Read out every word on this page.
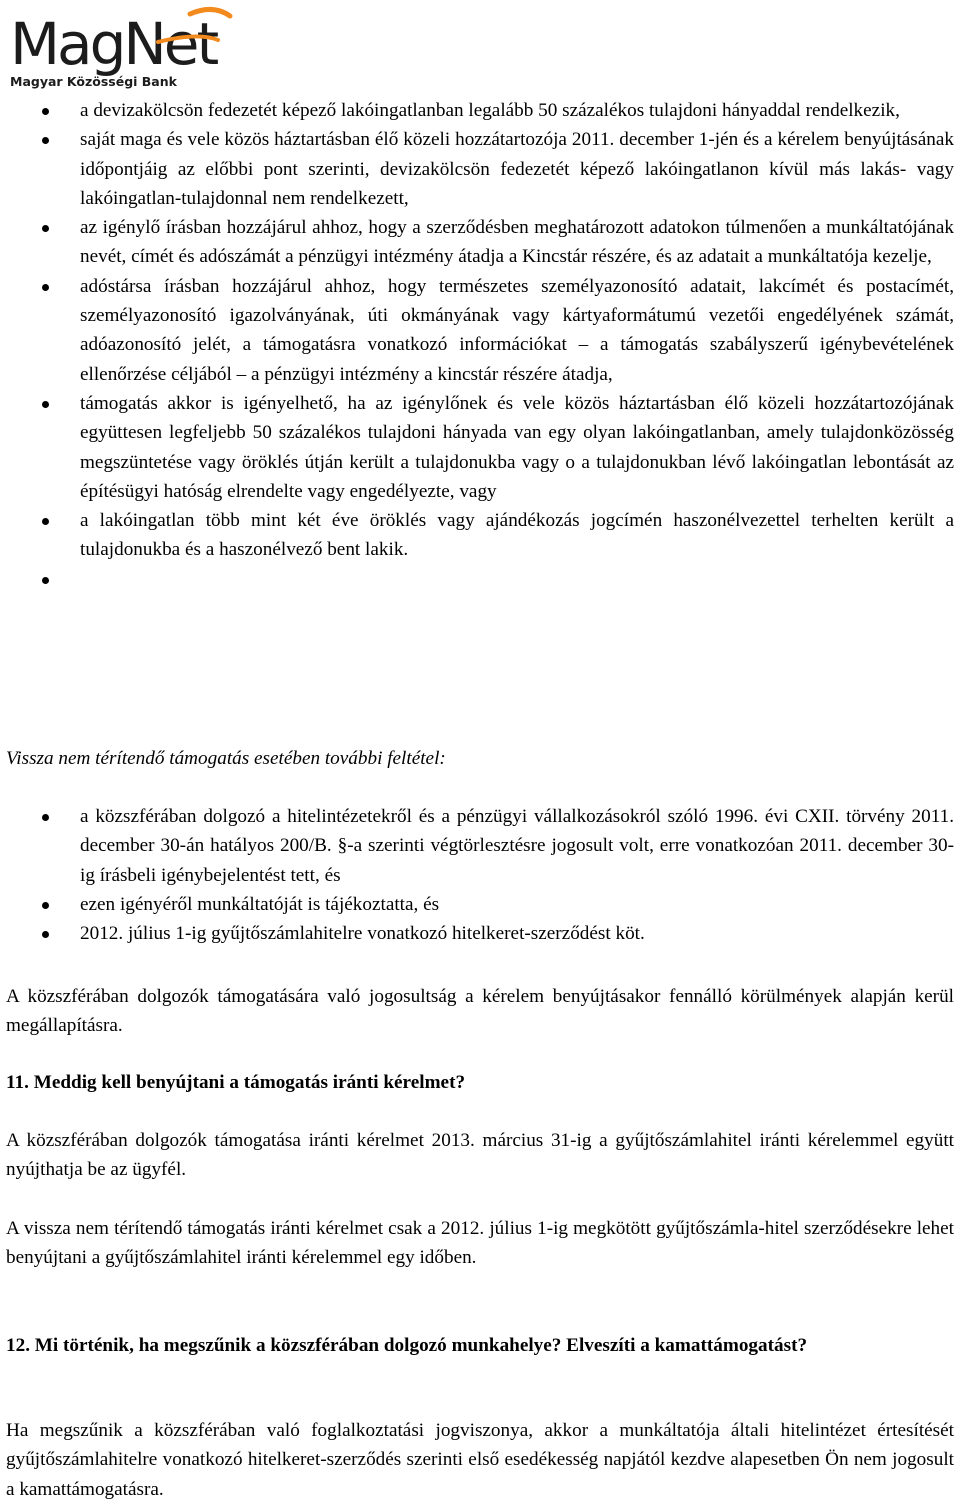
MagNet
Magyar Közösségi Bank
a devizakölcsön fedezetét képező lakóingatlanban legalább 50 százalékos tulajdoni hányaddal rendelkezik,
saját maga és vele közös háztartásban élő közeli hozzátartozója 2011. december 1-jén és a kérelem benyújtásának időpontjáig az előbbi pont szerinti, devizakölcsön fedezetét képező lakóingatlanon kívül más lakás- vagy lakóingatlan-tulajdonnal nem rendelkezett,
az igénylő írásban hozzájárul ahhoz, hogy a szerződésben meghatározott adatokon túlmenően a munkáltatójának nevét, címét és adószámát a pénzügyi intézmény átadja a Kincstár részére, és az adatait a munkáltatója kezelje,
adóstársa írásban hozzájárul ahhoz, hogy természetes személyazonosító adatait, lakcímét és postacímét, személyazonosító igazolványának, úti okmányának vagy kártyaformátumú vezetői engedélyének számát, adóazonosító jelét, a támogatásra vonatkozó információkat – a támogatás szabályszerű igénybevételének ellenőrzése céljából – a pénzügyi intézmény a kincstár részére átadja,
támogatás akkor is igényelhető, ha az igénylőnek és vele közös háztartásban élő közeli hozzátartozójának együttesen legfeljebb 50 százalékos tulajdoni hányada van egy olyan lakóingatlanban, amely tulajdonközösség megszüntetése vagy öröklés útján került a tulajdonukba vagy o a tulajdonukban lévő lakóingatlan lebontását az építésügyi hatóság elrendelte vagy engedélyezte, vagy
a lakóingatlan több mint két éve öröklés vagy ajándékozás jogcímén haszonélvezettel terhelten került a tulajdonukba és a haszonélvező bent lakik.

Vissza nem térítendő támogatás esetében további feltétel:

a közszférában dolgozó a hitelintézetekről és a pénzügyi vállalkozásokról szóló 1996. évi CXII. törvény 2011. december 30-án hatályos 200/B. §-a szerinti végtörlesztésre jogosult volt, erre vonatkozóan 2011. december 30-ig írásbeli igénybejelentést tett, és
ezen igényéről munkáltatóját is tájékoztatta, és
2012. július 1-ig gyűjtőszámlahitelre vonatkozó hitelkeret-szerződést köt.

A közszférában dolgozók támogatására való jogosultság a kérelem benyújtásakor fennálló körülmények alapján kerül megállapításra.

11. Meddig kell benyújtani a támogatás iránti kérelmet?

A közszférában dolgozók támogatása iránti kérelmet 2013. március 31-ig a gyűjtőszámlahitel iránti kérelemmel együtt nyújthatja be az ügyfél.

A vissza nem térítendő támogatás iránti kérelmet csak a 2012. július 1-ig megkötött gyűjtőszámla-hitel szerződésekre lehet benyújtani a gyűjtőszámlahitel iránti kérelemmel egy időben.

12. Mi történik, ha megszűnik a közszférában dolgozó munkahelye? Elveszíti a kamattámogatást?

Ha megszűnik a közszférában való foglalkoztatási jogviszonya, akkor a munkáltatója általi hitelintézet értesítését gyűjtőszámlahitelre vonatkozó hitelkeret-szerződés szerinti első esedékesség napjától kezdve alapesetben Ön nem jogosult a kamattámogatásra.
